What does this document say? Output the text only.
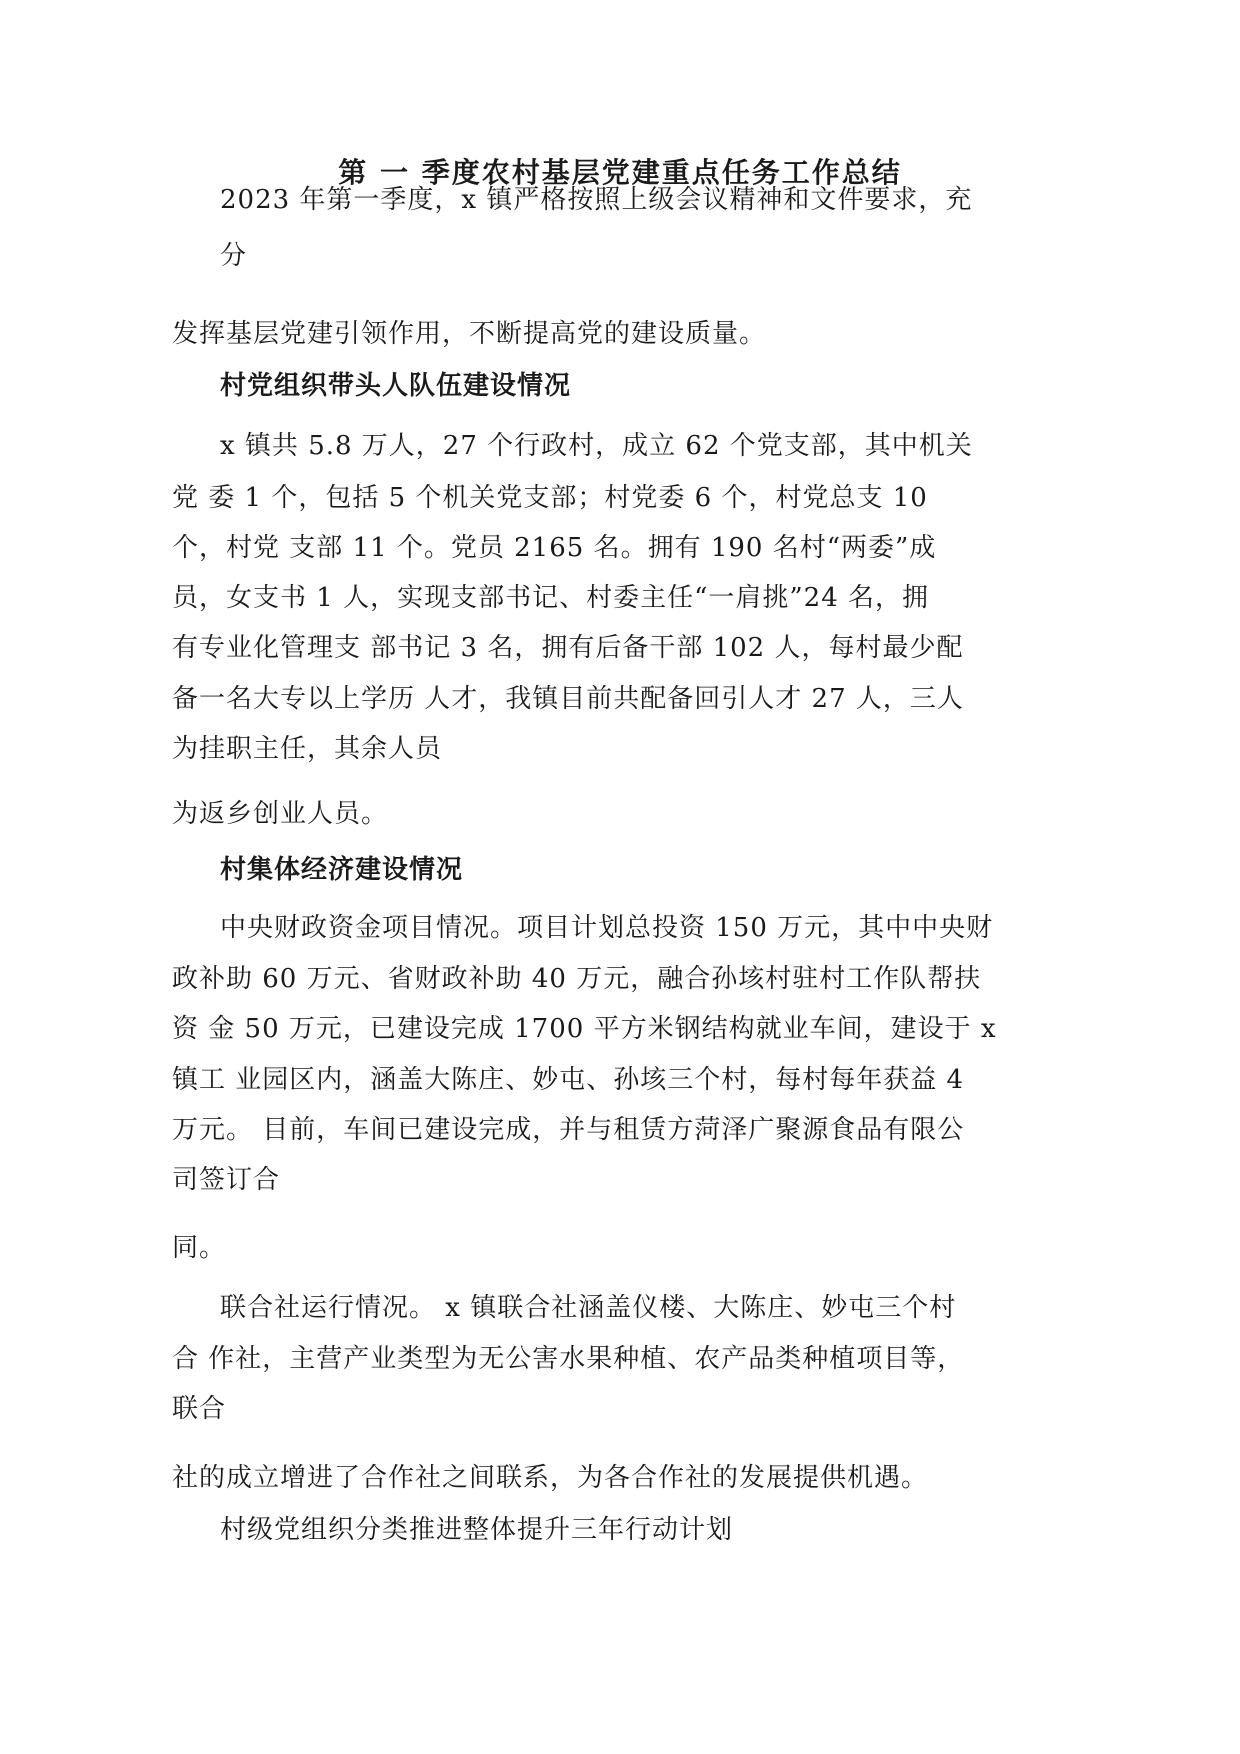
第 一 季度农村基层党建重点任务工作总结
2023 年第一季度，x 镇严格按照上级会议精神和文件要求，充
分
发挥基层党建引领作用，不断提高党的建设质量。
村党组织带头人队伍建设情况
x 镇共 5.8 万人，27 个行政村，成立 62 个党支部，其中机关
党 委 1 个，包括 5 个机关党支部；村党委 6 个，村党总支 10
个，村党 支部 11 个。党员 2165 名。拥有 190 名村“两委”成
员，女支书 1 人，实现支部书记、村委主任“一肩挑”24 名，拥
有专业化管理支 部书记 3 名，拥有后备干部 102 人，每村最少配
备一名大专以上学历 人才，我镇目前共配备回引人才 27 人，三人
为挂职主任，其余人员
为返乡创业人员。
村集体经济建设情况
中央财政资金项目情况。项目计划总投资 150 万元，其中中央财
政补助 60 万元、省财政补助 40 万元，融合孙垓村驻村工作队帮扶
资 金 50 万元，已建设完成 1700 平方米钢结构就业车间，建设于 x
镇工 业园区内，涵盖大陈庄、妙屯、孙垓三个村，每村每年获益 4
万元。 目前，车间已建设完成，并与租赁方菏泽广聚源食品有限公
司签订合
同。
联合社运行情况。 x 镇联合社涵盖仪楼、大陈庄、妙屯三个村
合 作社，主营产业类型为无公害水果种植、农产品类种植项目等，
联合
社的成立增进了合作社之间联系，为各合作社的发展提供机遇。
村级党组织分类推进整体提升三年行动计划
